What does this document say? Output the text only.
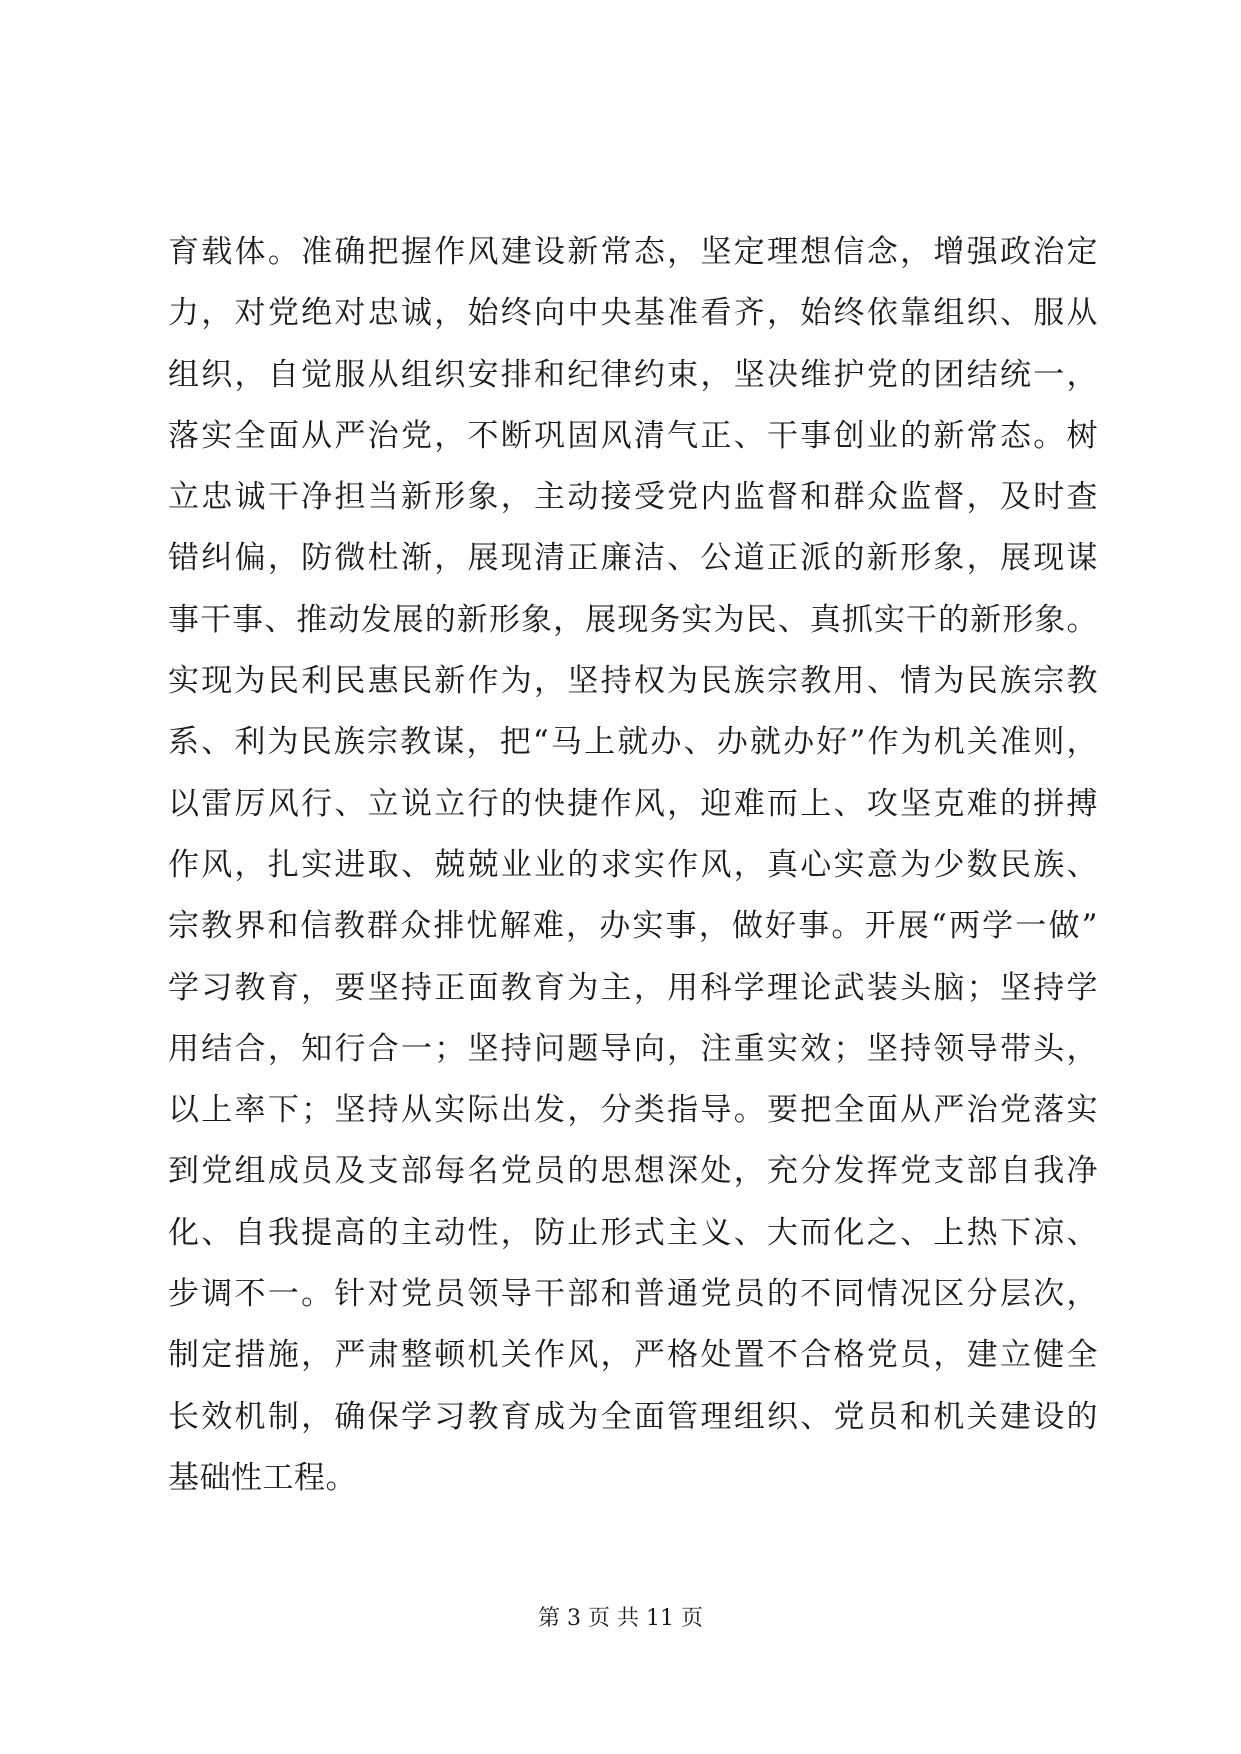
育载体。准确把握作风建设新常态，坚定理想信念，增强政治定
力，对党绝对忠诚，始终向中央基准看齐，始终依靠组织、服从
组织，自觉服从组织安排和纪律约束，坚决维护党的团结统一，
落实全面从严治党，不断巩固风清气正、干事创业的新常态。树
立忠诚干净担当新形象，主动接受党内监督和群众监督，及时查
错纠偏，防微杜渐，展现清正廉洁、公道正派的新形象，展现谋
事干事、推动发展的新形象，展现务实为民、真抓实干的新形象。
实现为民利民惠民新作为，坚持权为民族宗教用、情为民族宗教
系、利为民族宗教谋，把“马上就办、办就办好”作为机关准则，
以雷厉风行、立说立行的快捷作风，迎难而上、攻坚克难的拼搏
作风，扎实进取、兢兢业业的求实作风，真心实意为少数民族、
宗教界和信教群众排忧解难，办实事，做好事。开展“两学一做”
学习教育，要坚持正面教育为主，用科学理论武装头脑；坚持学
用结合，知行合一；坚持问题导向，注重实效；坚持领导带头，
以上率下；坚持从实际出发，分类指导。要把全面从严治党落实
到党组成员及支部每名党员的思想深处，充分发挥党支部自我净
化、自我提高的主动性，防止形式主义、大而化之、上热下凉、
步调不一。针对党员领导干部和普通党员的不同情况区分层次，
制定措施，严肃整顿机关作风，严格处置不合格党员，建立健全
长效机制，确保学习教育成为全面管理组织、党员和机关建设的
基础性工程。
第 3 页 共 11 页
